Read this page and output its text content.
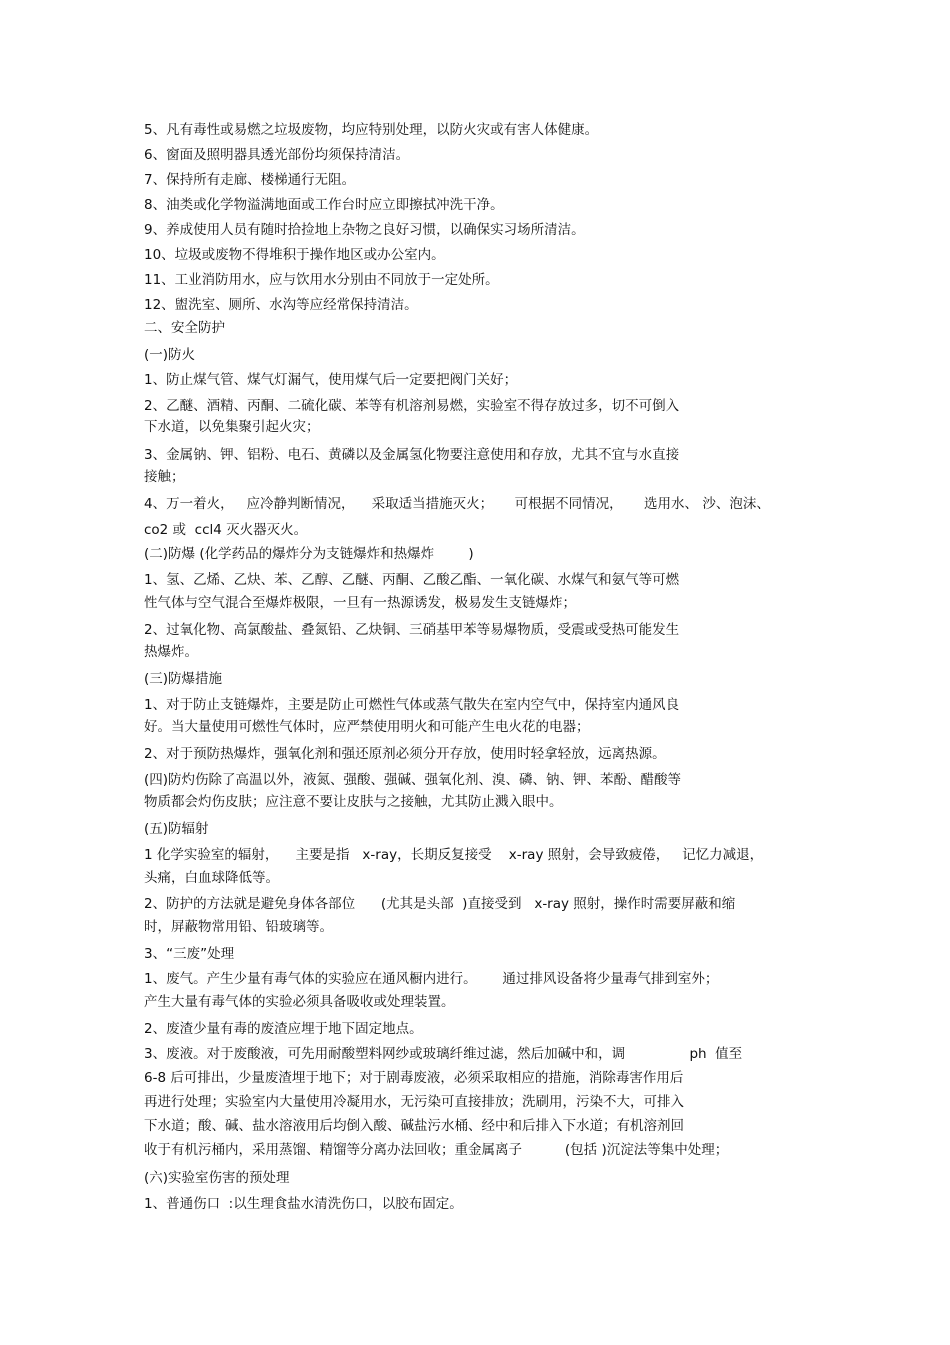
5、凡有毒性或易燃之垃圾废物，均应特别处理，以防火灾或有害人体健康。
6、窗面及照明器具透光部份均须保持清洁。
7、保持所有走廊、楼梯通行无阻。
8、油类或化学物溢满地面或工作台时应立即擦拭冲洗干净。
9、养成使用人员有随时拾捡地上杂物之良好习惯，以确保实习场所清洁。
10、垃圾或废物不得堆积于操作地区或办公室内。
11、工业消防用水，应与饮用水分别由不同放于一定处所。
12、盥洗室、厕所、水沟等应经常保持清洁。
二、安全防护
(一)防火
1、防止煤气管、煤气灯漏气，使用煤气后一定要把阀门关好；
2、乙醚、酒精、丙酮、二硫化碳、苯等有机溶剂易燃，实验室不得存放过多，切不可倒入
下水道，以免集聚引起火灾；
3、金属钠、钾、铝粉、电石、黄磷以及金属氢化物要注意使用和存放，尤其不宜与水直接
接触；
4、万一着火，   应冷静判断情况，    采取适当措施灭火；     可根据不同情况，     选用水、 沙、泡沫、
co2 或  ccl4 灭火器灭火。
(二)防爆 (化学药品的爆炸分为支链爆炸和热爆炸        )
1、氢、乙烯、乙炔、苯、乙醇、乙醚、丙酮、乙酸乙酯、一氧化碳、水煤气和氨气等可燃
性气体与空气混合至爆炸极限，一旦有一热源诱发，极易发生支链爆炸；
2、过氧化物、高氯酸盐、叠氮铅、乙炔铜、三硝基甲苯等易爆物质，受震或受热可能发生
热爆炸。
(三)防爆措施
1、对于防止支链爆炸，主要是防止可燃性气体或蒸气散失在室内空气中，保持室内通风良
好。当大量使用可燃性气体时，应严禁使用明火和可能产生电火花的电器；
2、对于预防热爆炸，强氧化剂和强还原剂必须分开存放，使用时轻拿轻放，远离热源。
(四)防灼伤除了高温以外，液氮、强酸、强碱、强氧化剂、溴、磷、钠、钾、苯酚、醋酸等
物质都会灼伤皮肤；应注意不要让皮肤与之接触，尤其防止溅入眼中。
(五)防辐射
1 化学实验室的辐射，    主要是指   x-ray，长期反复接受    x-ray 照射，会导致疲倦，   记忆力减退，
头痛，白血球降低等。
2、防护的方法就是避免身体各部位      (尤其是头部  )直接受到   x-ray 照射，操作时需要屏蔽和缩
时，屏蔽物常用铅、铅玻璃等。
3、“三废”处理
1、废气。产生少量有毒气体的实验应在通风橱内进行。      通过排风设备将少量毒气排到室外；
产生大量有毒气体的实验必须具备吸收或处理装置。
2、废渣少量有毒的废渣应埋于地下固定地点。
3、废液。对于废酸液，可先用耐酸塑料网纱或玻璃纤维过滤，然后加碱中和，调               ph  值至
6-8 后可排出，少量废渣埋于地下；对于剧毒废液，必须采取相应的措施，消除毒害作用后
再进行处理；实验室内大量使用冷凝用水，无污染可直接排放；洗刷用，污染不大，可排入
下水道；酸、碱、盐水溶液用后均倒入酸、碱盐污水桶、经中和后排入下水道；有机溶剂回
收于有机污桶内，采用蒸馏、精馏等分离办法回收；重金属离子          (包括 )沉淀法等集中处理；
(六)实验室伤害的预处理
1、普通伤口  :以生理食盐水清洗伤口，以胶布固定。
